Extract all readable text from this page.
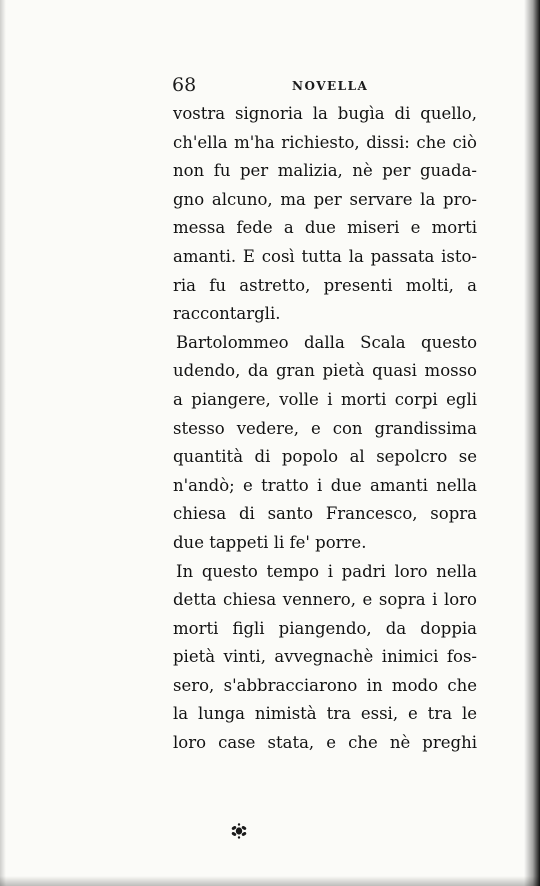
68	NOVELLA
vostra signoria la bugìa di quello,
ch'ella m'ha richiesto, dissi: che ciò
non fu per malizia, nè per guada-
gno alcuno, ma per servare la pro-
messa fede a due miseri e morti
amanti. E così tutta la passata isto-
ria fu astretto, presenti molti, a
raccontargli.
Bartolommeo dalla Scala questo
udendo, da gran pietà quasi mosso
a piangere, volle i morti corpi egli
stesso vedere, e con grandissima
quantità di popolo al sepolcro se
n'andò; e tratto i due amanti nella
chiesa di santo Francesco, sopra
due tappeti li fe' porre.
In questo tempo i padri loro nella
detta chiesa vennero, e sopra i loro
morti figli piangendo, da doppia
pietà vinti, avvegnachè inimici fos-
sero, s'abbracciarono in modo che
la lunga nimistà tra essi, e tra le
loro case stata, e che nè preghi
